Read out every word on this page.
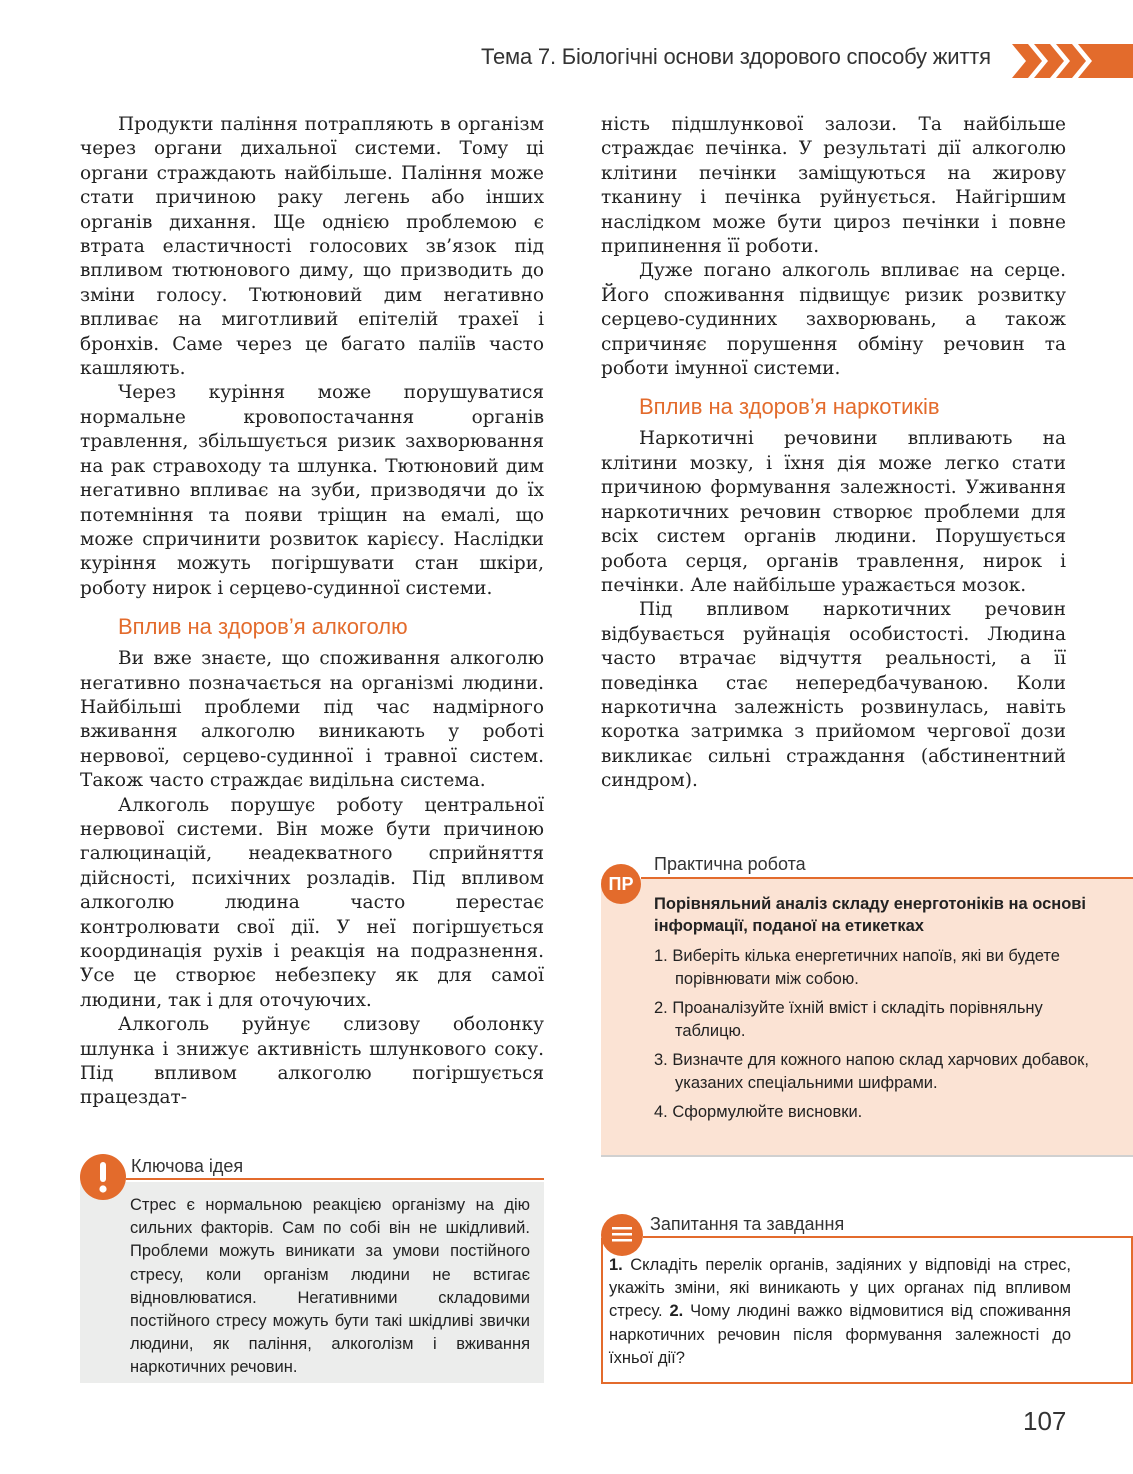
Тема 7. Біологічні основи здорового способу життя

Продукти паління потрапляють в організм через органи дихальної системи. Тому ці органи страждають найбільше. Паління може стати причиною раку легень або інших органів дихання. Ще однією проблемою є втрата еластичності голосових зв’язок під впливом тютюнового диму, що призводить до зміни голосу. Тютюновий дим негативно впливає на миготливий епітелій трахеї і бронхів. Саме через це багато паліїв часто кашляють.

Через куріння може порушуватися нормальне кровопостачання органів травлення, збільшується ризик захворювання на рак стравоходу та шлунка. Тютюновий дим негативно впливає на зуби, призводячи до їх потемніння та появи тріщин на емалі, що може спричинити розвиток карієсу. Наслідки куріння можуть погіршувати стан шкіри, роботу нирок і серцево-судинної системи.

Вплив на здоров’я алкоголю

Ви вже знаєте, що споживання алкоголю негативно позначається на організмі людини. Найбільші проблеми під час надмірного вживання алкоголю виникають у роботі нервової, серцево-судинної і травної систем. Також часто страждає видільна система.

Алкоголь порушує роботу центральної нервової системи. Він може бути причиною галюцинацій, неадекватного сприйняття дійсності, психічних розладів. Під впливом алкоголю людина часто перестає контролювати свої дії. У неї погіршується координація рухів і реакція на подразнення. Усе це створює небезпеку як для самої людини, так і для оточуючих.

Алкоголь руйнує слизову оболонку шлунка і знижує активність шлункового соку. Під впливом алкоголю погіршується працездат-

ність підшлункової залози. Та найбільше страждає печінка. У результаті дії алкоголю клітини печінки заміщуються на жирову тканину і печінка руйнується. Найгіршим наслідком може бути цироз печінки і повне припинення її роботи.

Дуже погано алкоголь впливає на серце. Його споживання підвищує ризик розвитку серцево-судинних захворювань, а також спричиняє порушення обміну речовин та роботи імунної системи.

Вплив на здоров’я наркотиків

Наркотичні речовини впливають на клітини мозку, і їхня дія може легко стати причиною формування залежності. Уживання наркотичних речовин створює проблеми для всіх систем органів людини. Порушується робота серця, органів травлення, нирок і печінки. Але найбільше уражається мозок.

Під впливом наркотичних речовин відбувається руйнація особистості. Людина часто втрачає відчуття реальності, а її поведінка стає непередбачуваною. Коли наркотична залежність розвинулась, навіть коротка затримка з прийомом чергової дози викликає сильні страждання (абстинентний синдром).

Стрес є нормальною реакцією організму на дію сильних факторів. Сам по собі він не шкідливий. Проблеми можуть виникати за умови постійного стресу, коли організм людини не встигає відновлюватися. Негативними складовими постійного стресу можуть бути такі шкідливі звички людини, як паління, алкоголізм і вживання наркотичних речовин.
Ключова ідея
Порівняльний аналіз складу енерготоніків на основі інформації, поданої на етикетках
1. Виберіть кілька енергетичних напоїв, які ви будете порівнювати між собою.
2. Проаналізуйте їхній вміст і складіть порівняльну таблицю.
3. Визначте для кожного напою склад харчових добавок, указаних спеціальними шифрами.
4. Сформулюйте висновки.
ПР
Практична робота
1. Складіть перелік органів, задіяних у відповіді на стрес, укажіть зміни, які виникають у цих органах під впливом стресу. 2. Чому людині важко відмовитися від споживання наркотичних речовин після формування залежності до їхньої дії?
Запитання та завдання
107
